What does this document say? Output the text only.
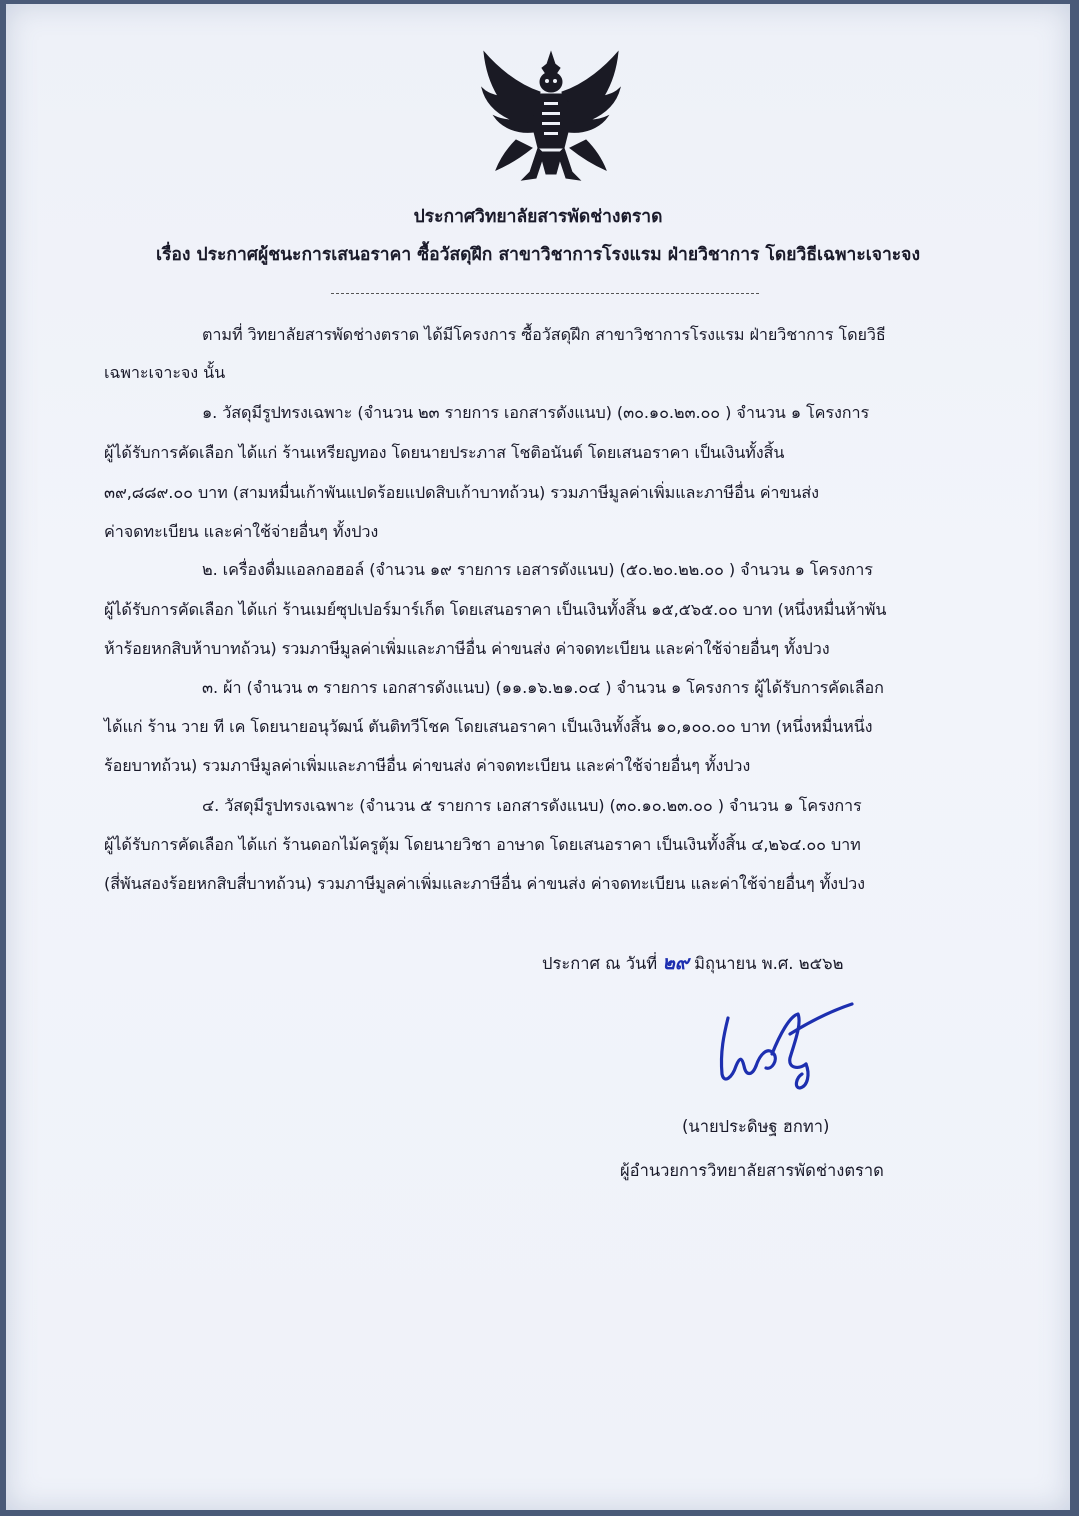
ประกาศวิทยาลัยสารพัดช่างตราด
เรื่อง ประกาศผู้ชนะการเสนอราคา ซื้อวัสดุฝึก สาขาวิชาการโรงแรม ฝ่ายวิชาการ โดยวิธีเฉพาะเจาะจง
ตามที่ วิทยาลัยสารพัดช่างตราด ได้มีโครงการ ซื้อวัสดุฝึก สาขาวิชาการโรงแรม ฝ่ายวิชาการ โดยวิธี
เฉพาะเจาะจง นั้น
๑. วัสดุมีรูปทรงเฉพาะ (จำนวน ๒๓ รายการ เอกสารดังแนบ) (๓๐.๑๐.๒๓.๐๐ ) จำนวน ๑ โครงการ
ผู้ได้รับการคัดเลือก ได้แก่ ร้านเหรียญทอง โดยนายประภาส โชติอนันต์ โดยเสนอราคา เป็นเงินทั้งสิ้น
๓๙,๘๘๙.๐๐ บาท (สามหมื่นเก้าพันแปดร้อยแปดสิบเก้าบาทถ้วน) รวมภาษีมูลค่าเพิ่มและภาษีอื่น ค่าขนส่ง
ค่าจดทะเบียน และค่าใช้จ่ายอื่นๆ ทั้งปวง
๒. เครื่องดื่มแอลกอฮอล์ (จำนวน ๑๙ รายการ เอสารดังแนบ) (๕๐.๒๐.๒๒.๐๐ ) จำนวน ๑ โครงการ
ผู้ได้รับการคัดเลือก ได้แก่ ร้านเมย์ซุปเปอร์มาร์เก็ต โดยเสนอราคา เป็นเงินทั้งสิ้น ๑๕,๕๖๕.๐๐ บาท (หนึ่งหมื่นห้าพัน
ห้าร้อยหกสิบห้าบาทถ้วน) รวมภาษีมูลค่าเพิ่มและภาษีอื่น ค่าขนส่ง ค่าจดทะเบียน และค่าใช้จ่ายอื่นๆ ทั้งปวง
๓. ผ้า (จำนวน ๓ รายการ เอกสารดังแนบ) (๑๑.๑๖.๒๑.๐๔ ) จำนวน ๑ โครงการ ผู้ได้รับการคัดเลือก
ได้แก่ ร้าน วาย ที เค โดยนายอนุวัฒน์ ตันติทวีโชค โดยเสนอราคา เป็นเงินทั้งสิ้น ๑๐,๑๐๐.๐๐ บาท (หนึ่งหมื่นหนึ่ง
ร้อยบาทถ้วน) รวมภาษีมูลค่าเพิ่มและภาษีอื่น ค่าขนส่ง ค่าจดทะเบียน และค่าใช้จ่ายอื่นๆ ทั้งปวง
๔. วัสดุมีรูปทรงเฉพาะ (จำนวน ๕ รายการ เอกสารดังแนบ) (๓๐.๑๐.๒๓.๐๐ ) จำนวน ๑ โครงการ
ผู้ได้รับการคัดเลือก ได้แก่ ร้านดอกไม้ครูตุ้ม โดยนายวิชา อาษาด โดยเสนอราคา เป็นเงินทั้งสิ้น ๔,๒๖๔.๐๐ บาท
(สี่พันสองร้อยหกสิบสี่บาทถ้วน) รวมภาษีมูลค่าเพิ่มและภาษีอื่น ค่าขนส่ง ค่าจดทะเบียน และค่าใช้จ่ายอื่นๆ ทั้งปวง
ประกาศ ณ วันที่ ๒๙ มิถุนายน พ.ศ. ๒๕๖๒
(นายประดิษฐ ฮกทา)
ผู้อำนวยการวิทยาลัยสารพัดช่างตราด
